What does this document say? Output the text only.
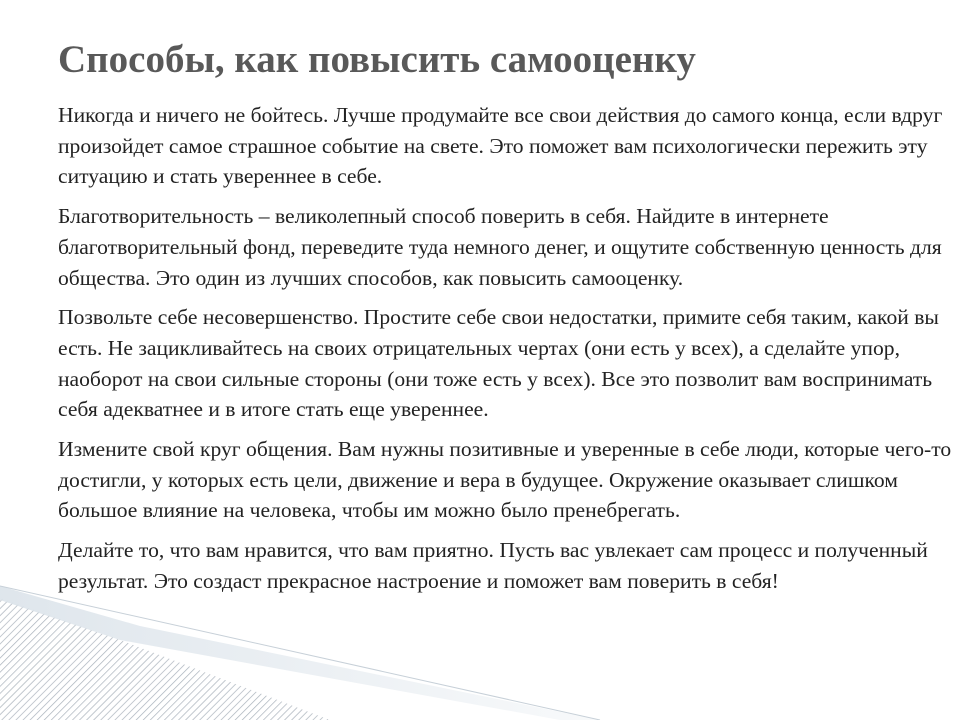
Способы, как повысить самооценку

Никогда и ничего не бойтесь. Лучше продумайте все свои действия до самого конца, если вдруг произойдет самое страшное событие на свете. Это поможет вам психологически пережить эту ситуацию и стать увереннее в себе.

Благотворительность – великолепный способ поверить в себя. Найдите в интернете благотворительный фонд, переведите туда немного денег, и ощутите собственную ценность для общества. Это один из лучших способов, как повысить самооценку.

Позвольте себе несовершенство. Простите себе свои недостатки, примите себя таким, какой вы есть. Не зацикливайтесь на своих отрицательных чертах (они есть у всех), а сделайте упор, наоборот на свои сильные стороны (они тоже есть у всех). Все это позволит вам воспринимать себя адекватнее и в итоге стать еще увереннее.

Измените свой круг общения. Вам нужны позитивные и уверенные в себе люди, которые чего-то достигли, у которых есть цели, движение и вера в будущее. Окружение оказывает слишком большое влияние на человека, чтобы им можно было пренебрегать.

Делайте то, что вам нравится, что вам приятно. Пусть вас увлекает сам процесс и полученный результат. Это создаст прекрасное настроение и поможет вам поверить в себя!
